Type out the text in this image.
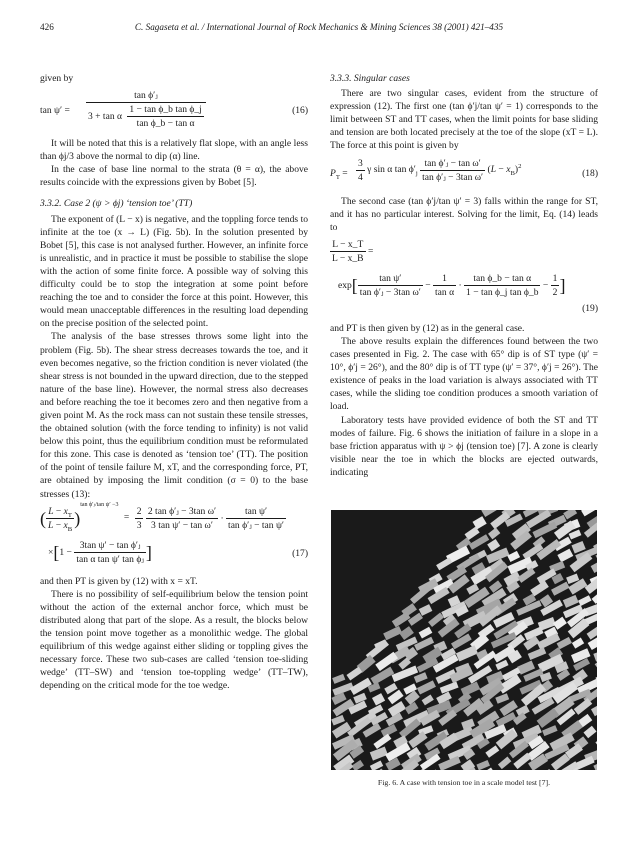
426	C. Sagaseta et al. / International Journal of Rock Mechanics & Mining Sciences 38 (2001) 421–435

given by

tan ψ′ =
tan ϕ′ⱼ
3 + tan α $\frac{\text{1 − tan ϕ\_b tan ϕ\_j}}{\text{tan ϕ\_b − tan α}}$	(16)

It will be noted that this is a relatively flat slope, with an angle less than ϕj/3 above the normal to dip (α) line.

In the case of base line normal to the strata (θ = α), the above results coincide with the expressions given by Bobet [5].

3.3.2. Case 2 (ψ > ϕj) ‘tension toe’ (TT)

The exponent of (L − x) is negative, and the toppling force tends to infinite at the toe (x → L) (Fig. 5b). In the solution presented by Bobet [5], this case is not analysed further. However, an infinite force is unrealistic, and in practice it must be possible to stabilise the slope with the action of some finite force. A possible way of solving this difficulty could be to stop the integration at some point before reaching the toe and to consider the force at this point. However, this would mean unacceptable differences in the resulting load depending on the precise position of the selected point.

The analysis of the base stresses throws some light into the problem (Fig. 5b). The shear stress decreases towards the toe, and it even becomes negative, so the friction condition is never violated (the shear stress is not bounded in the upward direction, due to the stepped nature of the base line). However, the normal stress also decreases and before reaching the toe it becomes zero and then negative from a given point M. As the rock mass can not sustain these tensile stresses, the obtained solution (with the force tending to infinity) is not valid below this point, thus the equilibrium condition must be reformulated for this zone. This case is denoted as ‘tension toe’ (TT). The position of the point of tensile failure M, xT, and the corresponding force, PT, are obtained by imposing the limit condition (σ = 0) to the base stresses (13):

( $\frac{L - x_T}{L - x_B} )^{tan \phi'ⱼ/tan \psi' -3} = \frac{2}{3}$
$\frac{\text{2 tan ϕ′ⱼ − 3tan ω′}}{\text{3 tan ψ′ − tan ω′}} \cdot \frac{\text{tan ψ′}}{\text{tan ϕ′ⱼ − tan ψ′}}$
$\times[1 - \frac{\text{3tan ψ′ − tan ϕ′ⱼ}}{\text{tan α tan ψ′ tan ϕⱼ}}$ ]	(17)

and then PT is given by (12) with x = xT.

There is no possibility of self-equilibrium below the tension point without the action of the external anchor force, which must be distributed along that part of the slope. As a result, the blocks below the tension point move together as a monolithic wedge. The global equilibrium of this wedge against either sliding or toppling gives the necessary force. These two sub-cases are called ‘tension toe-sliding wedge’ (TT–SW) and ‘tension toe-toppling wedge’ (TT–TW), depending on the critical mode for the toe wedge.

3.3.3. Singular cases

There are two singular cases, evident from the structure of expression (12). The first one (tan ϕ′j/tan ψ′ = 1) corresponds to the limit between ST and TT cases, when the limit points for base sliding and tension are both located precisely at the toe of the slope (xT = L). The force at this point is given by

$P_T = \frac{3}{4}$ γ sin α $\tan \phi'_j \frac{\text{tan ϕ′ⱼ − tan ω′}}{\text{tan ϕ′ⱼ − 3tan ω′}} (L - x_B)^2$
(18)

The second case (tan ϕ′j/tan ψ′ = 3) falls within the range for ST, and it has no particular interest. Solving for the limit, Eq. (14) leads to

$\frac{L - x\_T}{L - x\_B}$ =
$\exp[ \frac{\text{tan ψ′}}{\text{tan ϕ′ⱼ − 3tan ω′}} - \frac{1}{\text{tan α}} \cdot \frac{\text{tan ϕ\_b − tan α}}{\text{1 − tan ϕ\_j tan ϕ\_b}} - \frac{1}{2}$ ]
(19)

and PT is then given by (12) as in the general case.

The above results explain the differences found between the two cases presented in Fig. 2. The case with 65° dip is of ST type (ψ′ = 10°, ϕ′j = 26°), and the 80° dip is of TT type (ψ′ = 37°, ϕ′j = 26°). The existence of peaks in the load variation is always associated with TT cases, while the sliding toe condition produces a smooth variation of load.

Laboratory tests have provided evidence of both the ST and TT modes of failure. Fig. 6 shows the initiation of failure in a slope in a base friction apparatus with ψ > ϕj (tension toe) [7]. A zone is clearly visible near the toe in which the blocks are ejected outwards, indicating

Fig. 6. A case with tension toe in a scale model test [7].
